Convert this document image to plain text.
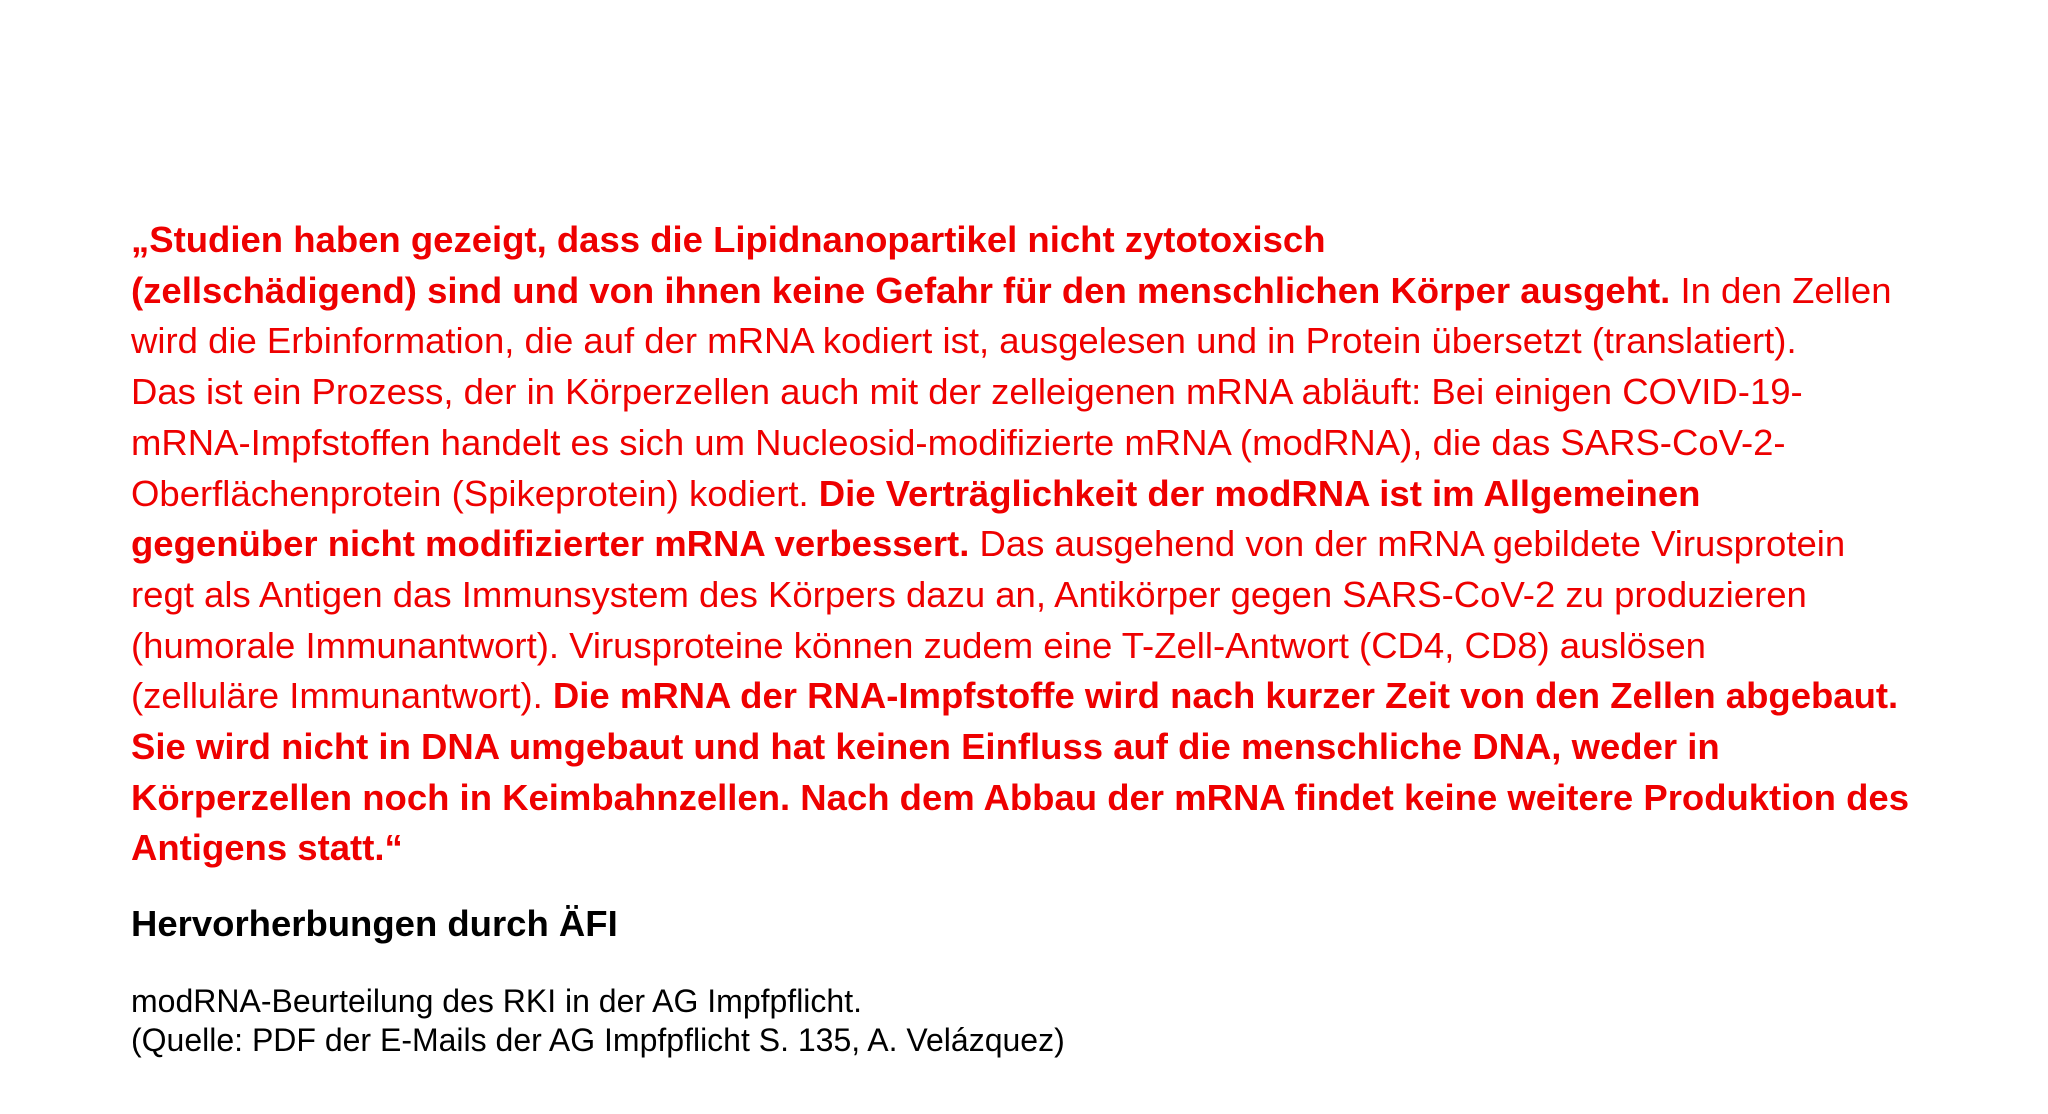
„Studien haben gezeigt, dass die Lipidnanopartikel nicht zytotoxisch
(zellschädigend) sind und von ihnen keine Gefahr für den menschlichen Körper ausgeht. In den Zellen
wird die Erbinformation, die auf der mRNA kodiert ist, ausgelesen und in Protein übersetzt (translatiert).
Das ist ein Prozess, der in Körperzellen auch mit der zelleigenen mRNA abläuft: Bei einigen COVID-19-
mRNA-Impfstoffen handelt es sich um Nucleosid-modifizierte mRNA (modRNA), die das SARS-CoV-2-
Oberflächenprotein (Spikeprotein) kodiert. Die Verträglichkeit der modRNA ist im Allgemeinen
gegenüber nicht modifizierter mRNA verbessert. Das ausgehend von der mRNA gebildete Virusprotein
regt als Antigen das Immunsystem des Körpers dazu an, Antikörper gegen SARS-CoV-2 zu produzieren
(humorale Immunantwort). Virusproteine können zudem eine T-Zell-Antwort (CD4, CD8) auslösen
(zelluläre Immunantwort). Die mRNA der RNA-Impfstoffe wird nach kurzer Zeit von den Zellen abgebaut.
Sie wird nicht in DNA umgebaut und hat keinen Einfluss auf die menschliche DNA, weder in
Körperzellen noch in Keimbahnzellen. Nach dem Abbau der mRNA findet keine weitere Produktion des
Antigens statt.“

Hervorherbungen durch ÄFI

modRNA-Beurteilung des RKI in der AG Impfpflicht.
(Quelle: PDF der E-Mails der AG Impfpflicht S. 135, A. Velázquez)
